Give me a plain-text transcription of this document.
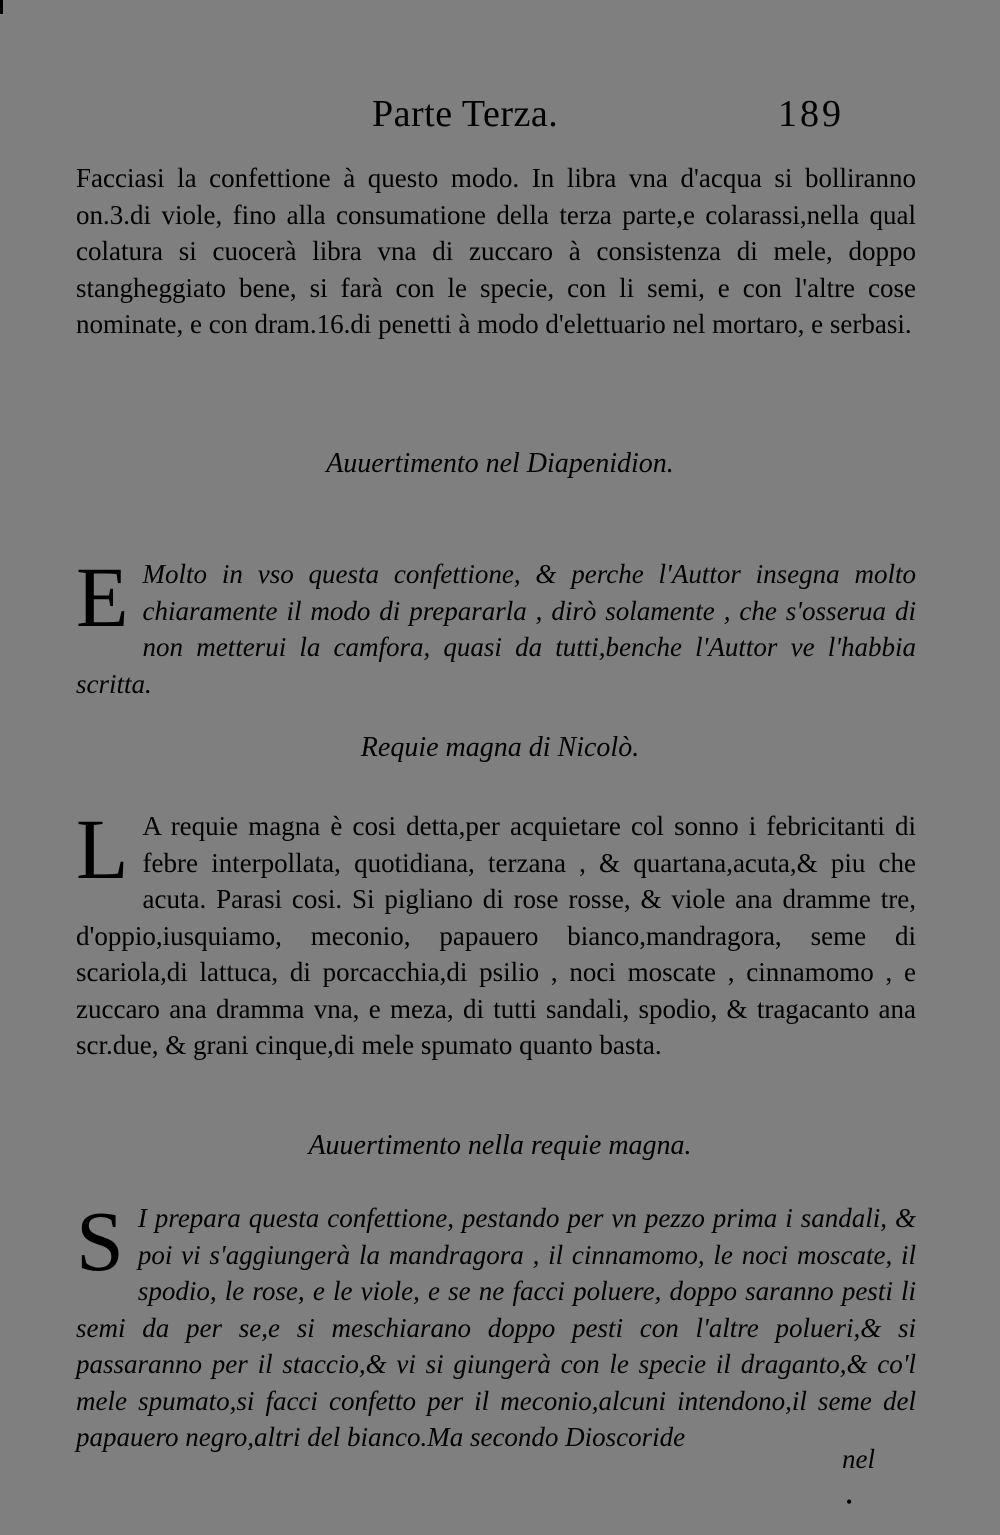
Parte Terza.	189
Facciasi la confettione à questo modo. In libra vna d'acqua si bolliranno on.3.di viole, fino alla consumatione della terza parte,e colarassi,nella qual colatura si cuocerà libra vna di zuccaro à consistenza di mele, doppo stangheggiato bene, si farà con le specie, con li semi, e con l'altre cose nominate, e con dram.16.di penetti à modo d'elettuario nel mortaro, e serbasi.
Auuertimento nel Diapenidion.
E Molto in vso questa confettione, & perche l'Auttor insegna molto chiaramente il modo di prepararla , dirò solamente , che s'osserua di non metterui la camfora, quasi da tutti,benche l'Auttor ve l'habbia scritta.
Requie magna di Nicolò.
L A requie magna è cosi detta,per acquietare col sonno i febricitanti di febre interpollata, quotidiana, terzana , & quartana,acuta,& piu che acuta. Parasi cosi. Si pigliano di rose rosse, & viole ana dramme tre, d'oppio,iusquiamo, meconio, papauero bianco,mandragora, seme di scariola,di lattuca, di porcacchia,di psilio , noci moscate , cinnamomo , e zuccaro ana dramma vna, e meza, di tutti sandali, spodio, & tragacanto ana scr.due, & grani cinque,di mele spumato quanto basta.
Auuertimento nella requie magna.
S I prepara questa confettione, pestando per vn pezzo prima i sandali, & poi vi s'aggiungerà la mandragora , il cinnamomo, le noci moscate, il spodio, le rose, e le viole, e se ne facci poluere, doppo saranno pesti li semi da per se,e si meschiarano doppo pesti con l'altre polueri,& si passaranno per il staccio,& vi si giungerà con le specie il draganto,& co'l mele spumato,si facci confetto per il meconio,alcuni intendono,il seme del papauero negro,altri del bianco.Ma secondo Dioscoride
nel
•
